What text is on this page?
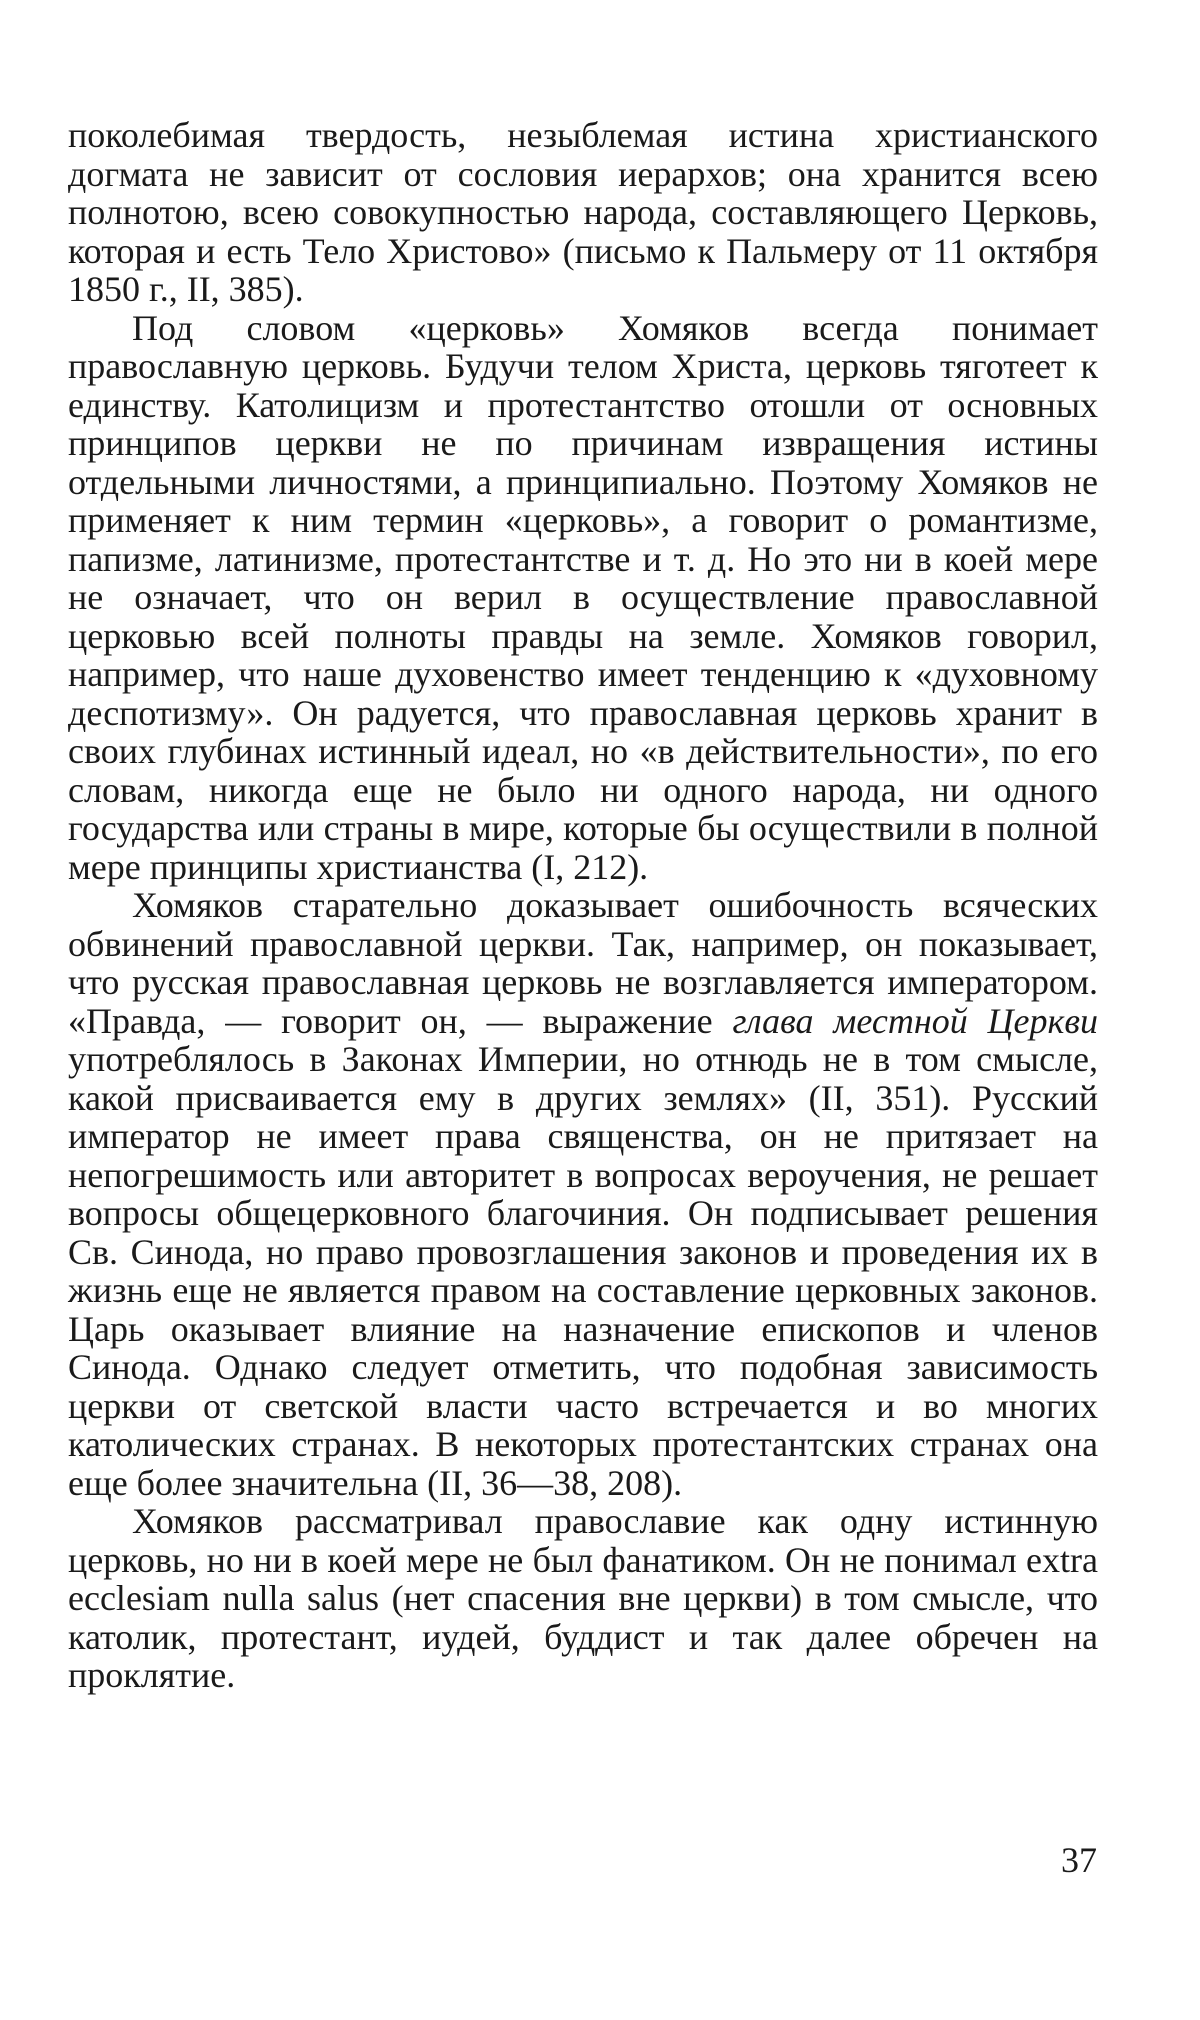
поколебимая твердость, незыблемая истина христианского догмата не зависит от сословия иерархов; она хранится всею полнотою, всею совокупностью народа, составляющего Церковь, которая и есть Тело Христово» (письмо к Пальмеру от 11 октября 1850 г., II, 385).

Под словом «церковь» Хомяков всегда понимает православную церковь. Будучи телом Христа, церковь тяготеет к единству. Католицизм и протестантство отошли от основных принципов церкви не по причинам извращения истины отдельными личностями, а принципиально. Поэтому Хомяков не применяет к ним термин «церковь», а говорит о романтизме, папизме, латинизме, протестантстве и т. д. Но это ни в коей мере не означает, что он верил в осуществление православной церковью всей полноты правды на земле. Хомяков говорил, например, что наше духовенство имеет тенденцию к «духовному деспотизму». Он радуется, что православная церковь хранит в своих глубинах истинный идеал, но «в действительности», по его словам, никогда еще не было ни одного народа, ни одного государства или страны в мире, которые бы осуществили в полной мере принципы христианства (I, 212).

Хомяков старательно доказывает ошибочность всяческих обвинений православной церкви. Так, например, он показывает, что русская православная церковь не возглавляется императором. «Правда, — говорит он, — выражение глава местной Церкви употреблялось в Законах Империи, но отнюдь не в том смысле, какой присваивается ему в других землях» (II, 351). Русский император не имеет права священства, он не притязает на непогрешимость или авторитет в вопросах вероучения, не решает вопросы общецерковного благочиния. Он подписывает решения Св. Синода, но право провозглашения законов и проведения их в жизнь еще не является правом на составление церковных законов. Царь оказывает влияние на назначение епископов и членов Синода. Однако следует отметить, что подобная зависимость церкви от светской власти часто встречается и во многих католических странах. В некоторых протестантских странах она еще более значительна (II, 36—38, 208).

Хомяков рассматривал православие как одну истинную церковь, но ни в коей мере не был фанатиком. Он не понимал extra ecclesiam nulla salus (нет спасения вне церкви) в том смысле, что католик, протестант, иудей, буддист и так далее обречен на проклятие.

37
